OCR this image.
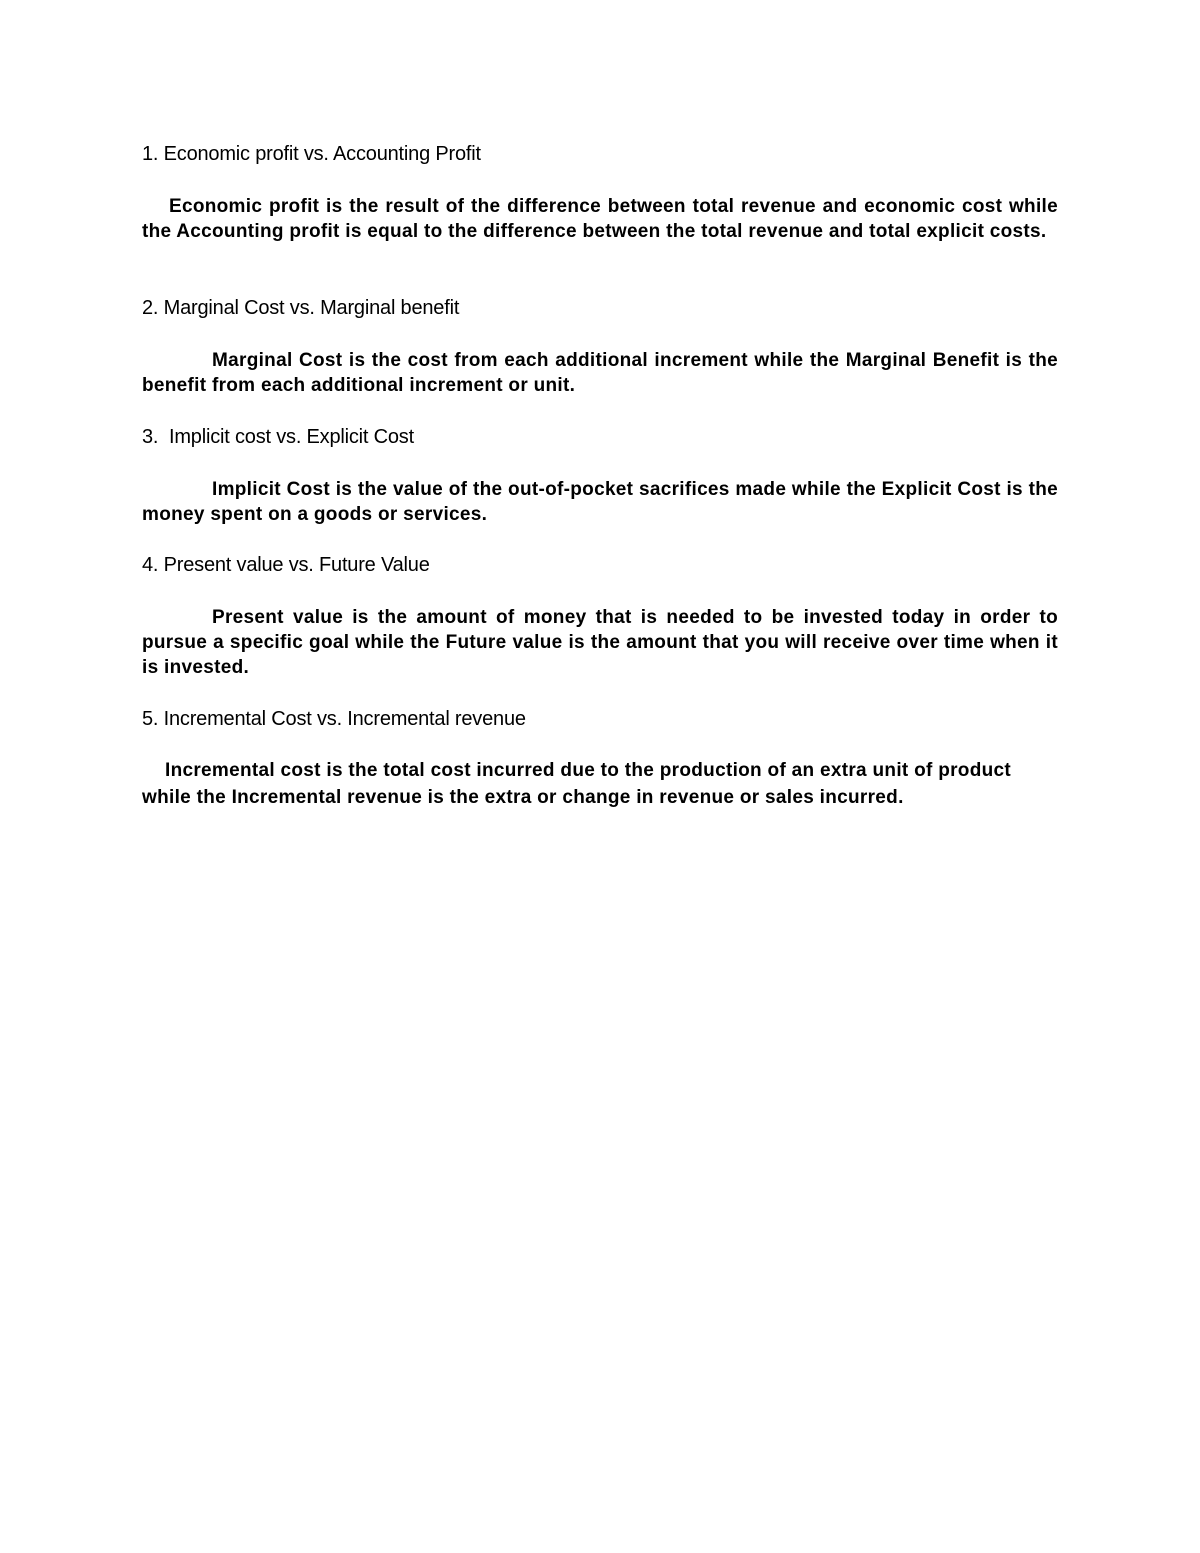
1. Economic profit vs. Accounting Profit

Economic profit is the result of the difference between total revenue and economic cost while the Accounting profit is equal to the difference between the total revenue and total explicit costs.

2. Marginal Cost vs. Marginal benefit

Marginal Cost is the cost from each additional increment while the Marginal Benefit is the benefit from each additional increment or unit.

3.  Implicit cost vs. Explicit Cost

Implicit Cost is the value of the out-of-pocket sacrifices made while the Explicit Cost is the money spent on a goods or services.

4. Present value vs. Future Value

Present value is the amount of money that is needed to be invested today in order to pursue a specific goal while the Future value is the amount that you will receive over time when it is invested.

5. Incremental Cost vs. Incremental revenue

Incremental cost is the total cost incurred due to the production of an extra unit of product while the Incremental revenue is the extra or change in revenue or sales incurred.
